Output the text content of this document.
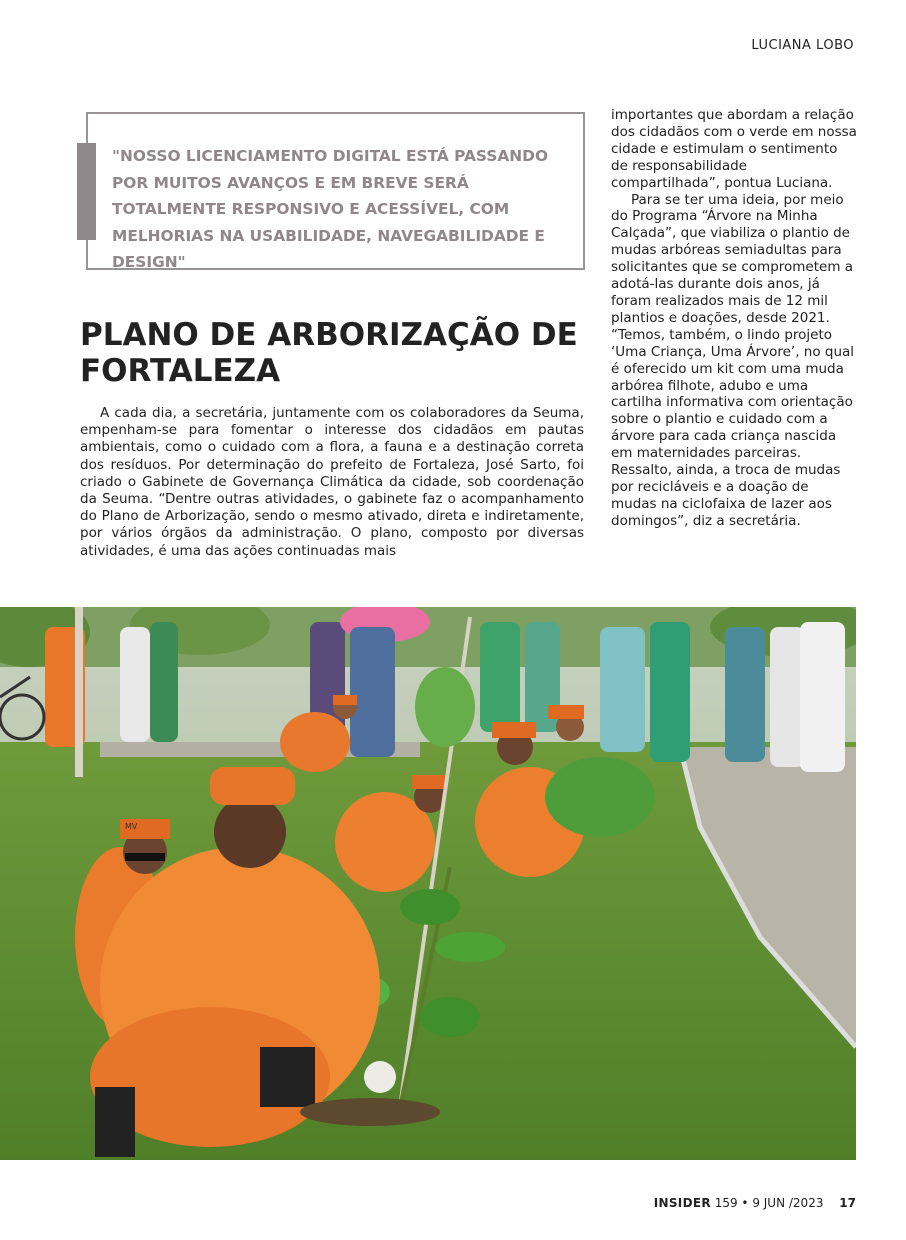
LUCIANA LOBO

"NOSSO LICENCIAMENTO DIGITAL ESTÁ PASSANDO POR MUITOS AVANÇOS E EM BREVE SERÁ TOTALMENTE RESPONSIVO E ACESSÍVEL, COM MELHORIAS NA USABILIDADE, NAVEGABILIDADE E DESIGN"

PLANO DE ARBORIZAÇÃO DE FORTALEZA

A cada dia, a secretária, juntamente com os colaboradores da Seuma, empenham-se para fomentar o interesse dos cidadãos em pautas ambientais, como o cuidado com a flora, a fauna e a destinação correta dos resíduos. Por determinação do prefeito de Fortaleza, José Sarto, foi criado o Gabinete de Governança Climática da cidade, sob coordenação da Seuma. “Dentre outras atividades, o gabinete faz o acompanhamento do Plano de Arborização, sendo o mesmo ativado, direta e indiretamente, por vários órgãos da administração. O plano, composto por diversas atividades, é uma das ações continuadas mais

importantes que abordam a relação dos cidadãos com o verde em nossa cidade e estimulam o sentimento de responsabilidade compartilhada”, pontua Luciana.

Para se ter uma ideia, por meio do Programa “Árvore na Minha Calçada”, que viabiliza o plantio de mudas arbóreas semiadultas para solicitantes que se comprometem a adotá-las durante dois anos, já foram realizados mais de 12 mil plantios e doações, desde 2021. “Temos, também, o lindo projeto ‘Uma Criança, Uma Árvore’, no qual é oferecido um kit com uma muda arbórea filhote, adubo e uma cartilha informativa com orientação sobre o plantio e cuidado com a árvore para cada criança nascida em maternidades parceiras. Ressalto, ainda, a troca de mudas por recicláveis e a doação de mudas na ciclofaixa de lazer aos domingos”, diz a secretária.

MV
INSIDER 159 • 9 JUN /2023 17
